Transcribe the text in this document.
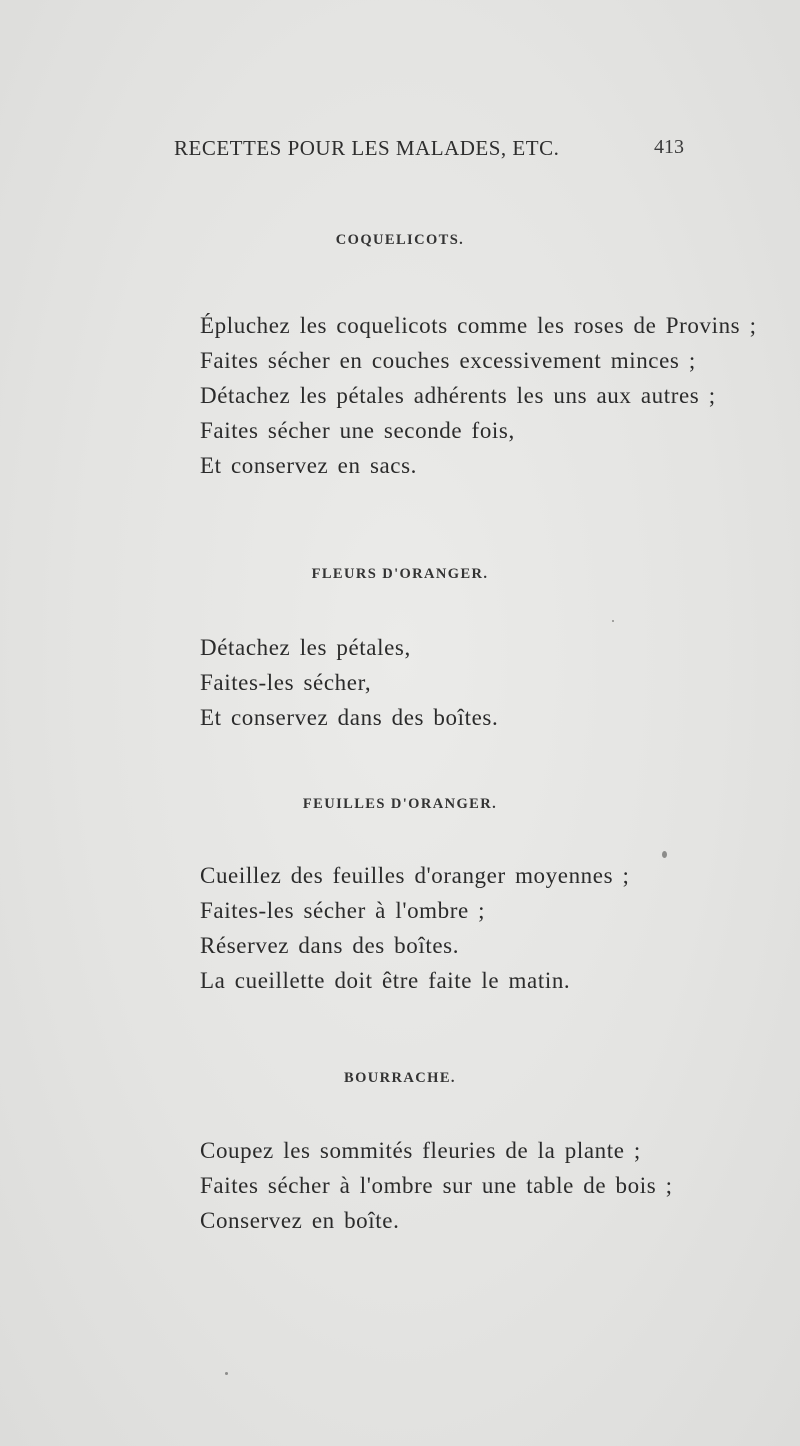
RECETTES POUR LES MALADES, ETC.	413
COQUELICOTS.
Épluchez les coquelicots comme les roses de Provins ;
Faites sécher en couches excessivement minces ;
Détachez les pétales adhérents les uns aux autres ;
Faites sécher une seconde fois,
Et conservez en sacs.
FLEURS D'ORANGER.
Détachez les pétales,
Faites-les sécher,
Et conservez dans des boîtes.
FEUILLES D'ORANGER.
Cueillez des feuilles d'oranger moyennes ;
Faites-les sécher à l'ombre ;
Réservez dans des boîtes.
La cueillette doit être faite le matin.
BOURRACHE.
Coupez les sommités fleuries de la plante ;
Faites sécher à l'ombre sur une table de bois ;
Conservez en boîte.
